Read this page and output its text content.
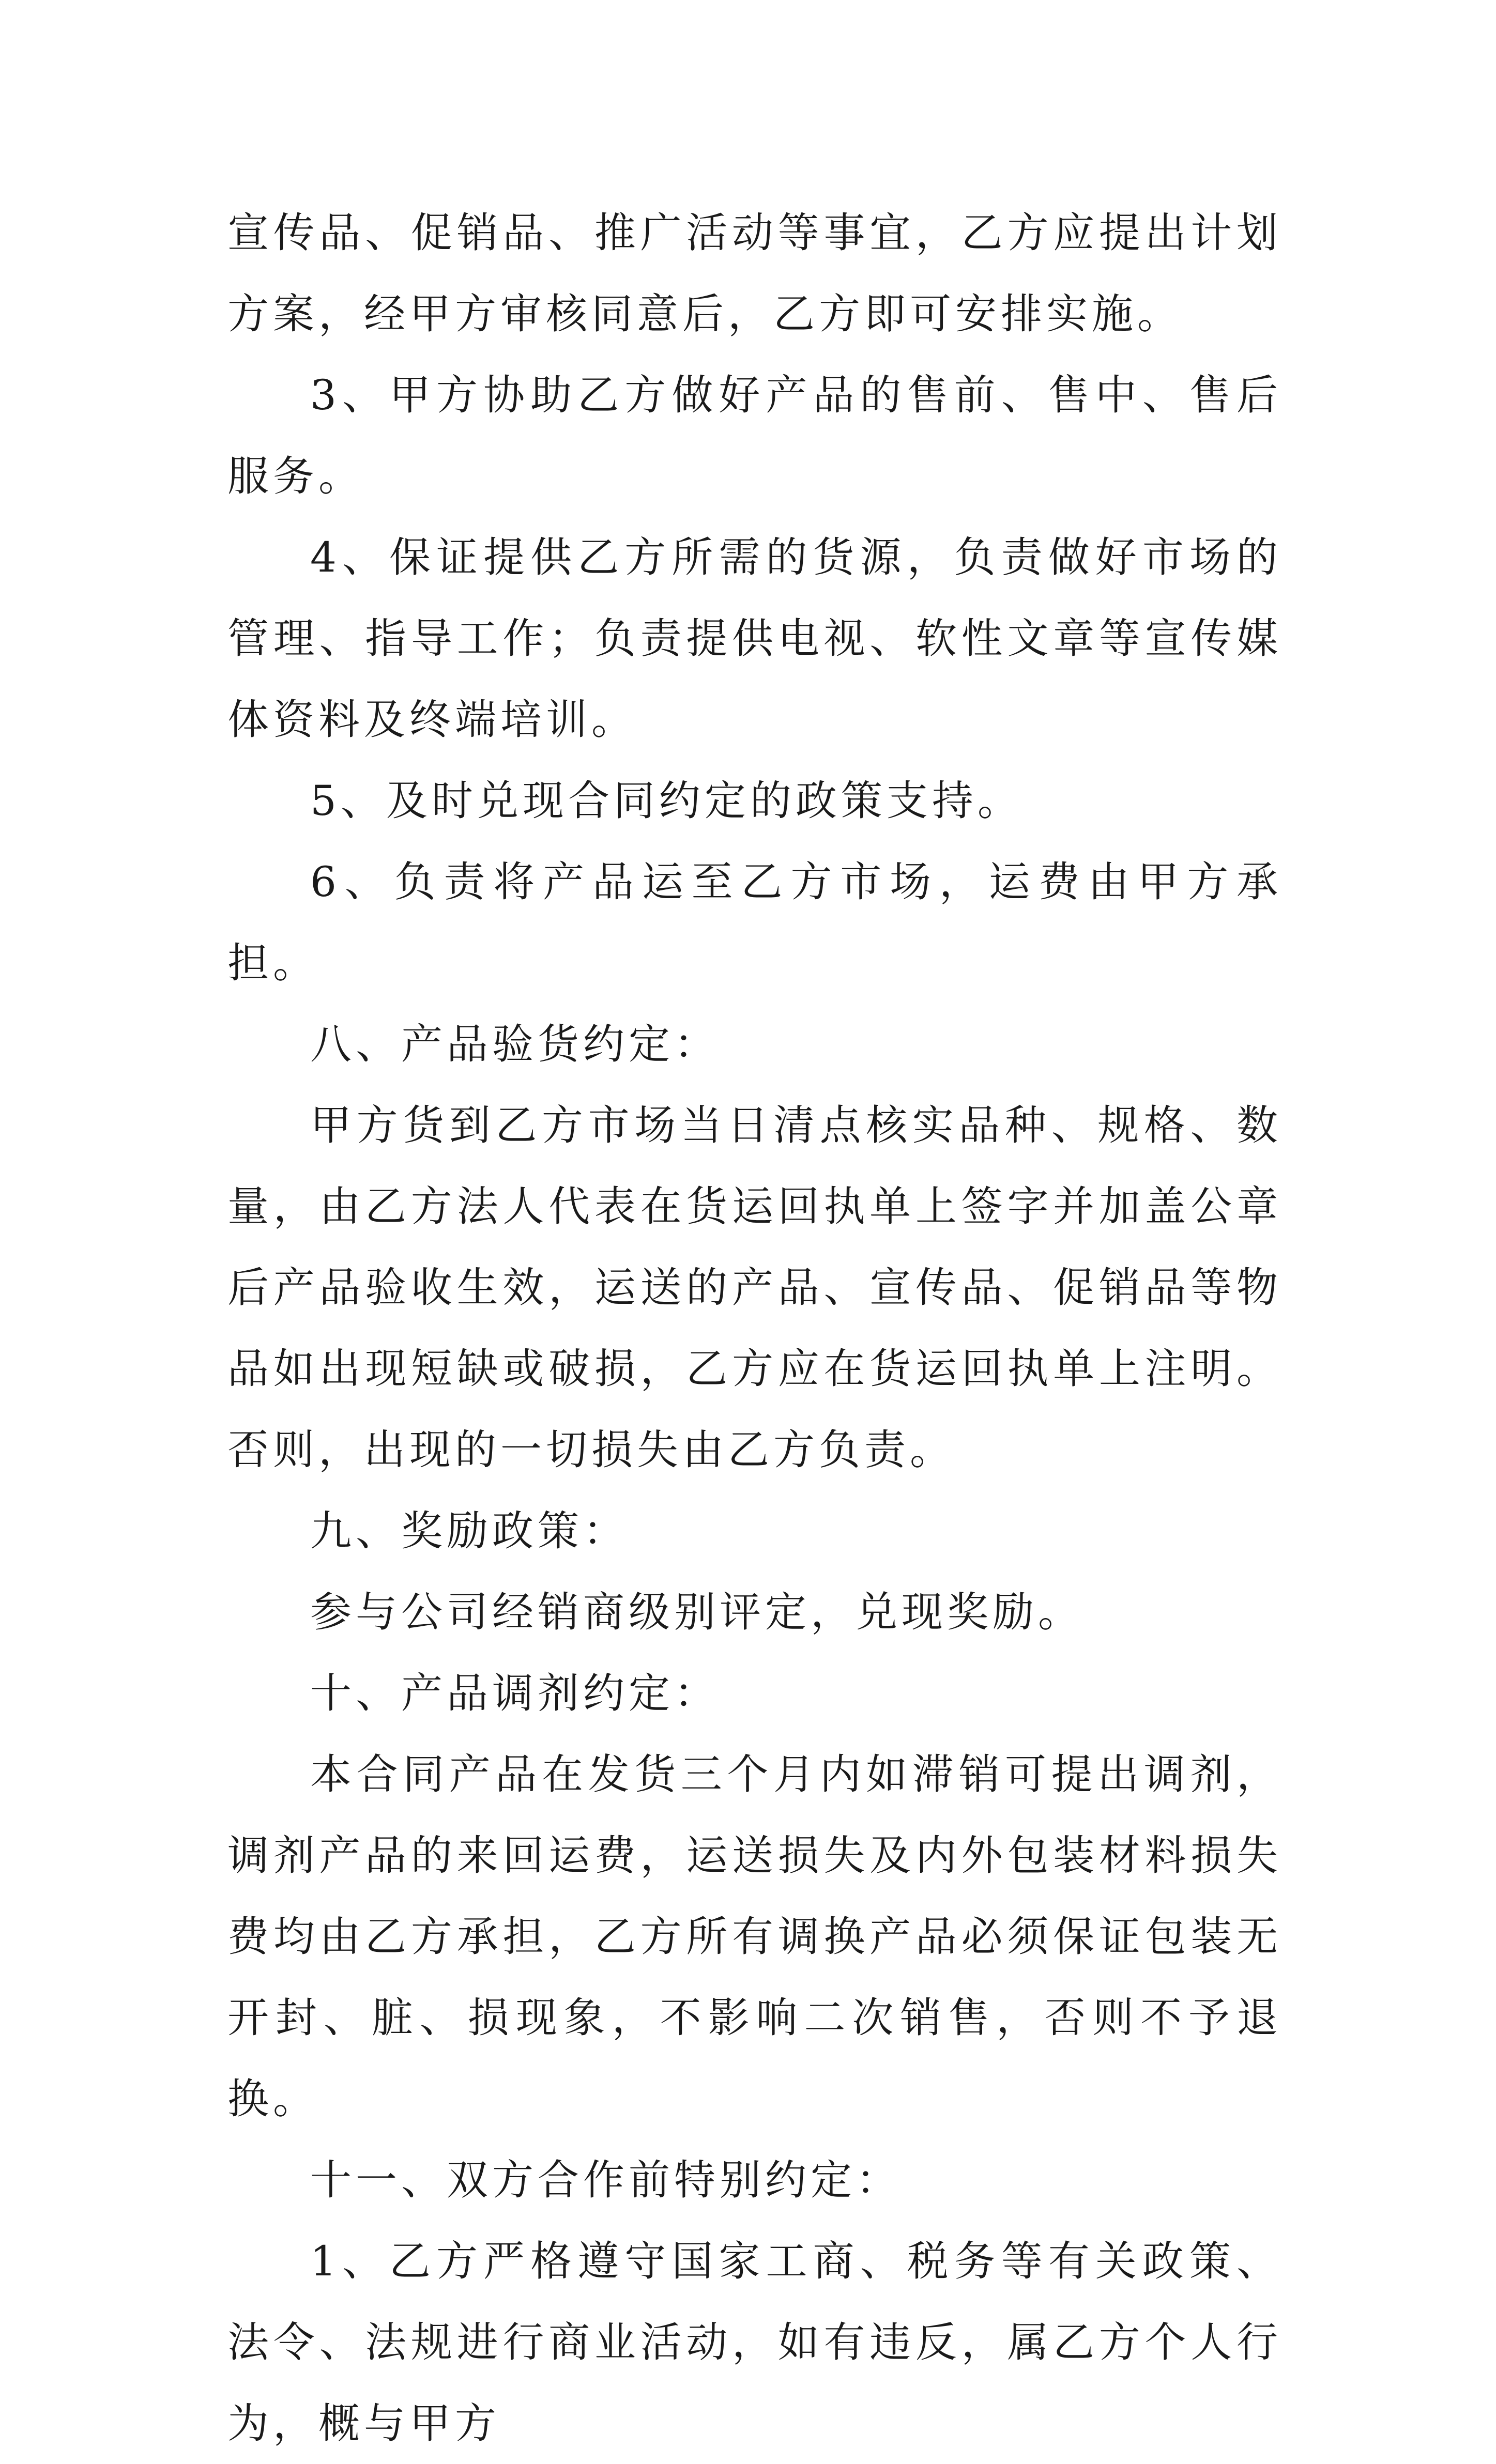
宣传品、促销品、推广活动等事宜，乙方应提出计划方案，经甲方审核同意后，乙方即可安排实施。

3、甲方协助乙方做好产品的售前、售中、售后服务。

4、保证提供乙方所需的货源，负责做好市场的管理、指导工作；负责提供电视、软性文章等宣传媒体资料及终端培训。

5、及时兑现合同约定的政策支持。

6、负责将产品运至乙方市场，运费由甲方承担。

八、产品验货约定：

甲方货到乙方市场当日清点核实品种、规格、数量，由乙方法人代表在货运回执单上签字并加盖公章后产品验收生效，运送的产品、宣传品、促销品等物品如出现短缺或破损，乙方应在货运回执单上注明。否则，出现的一切损失由乙方负责。

九、奖励政策：

参与公司经销商级别评定，兑现奖励。

十、产品调剂约定：

本合同产品在发货三个月内如滞销可提出调剂，调剂产品的来回运费，运送损失及内外包装材料损失费均由乙方承担，乙方所有调换产品必须保证包装无开封、脏、损现象，不影响二次销售，否则不予退换。

十一、双方合作前特别约定：

1、乙方严格遵守国家工商、税务等有关政策、法令、法规进行商业活动，如有违反，属乙方个人行为，概与甲方
